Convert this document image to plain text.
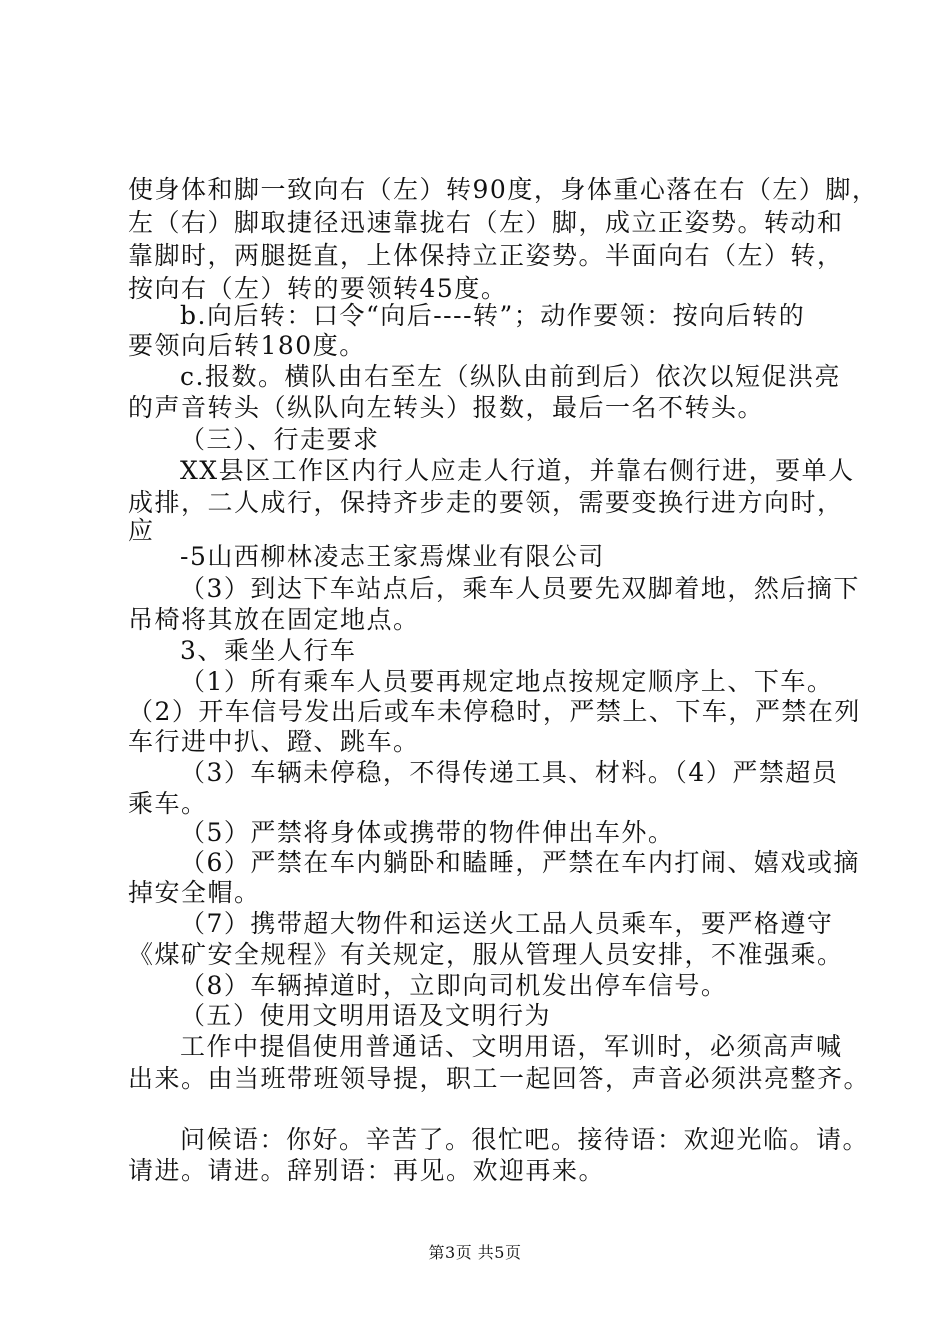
使身体和脚一致向右（左）转90度，身体重心落在右（左）脚，
左（右）脚取捷径迅速靠拢右（左）脚，成立正姿势。转动和
靠脚时，两腿挺直，上体保持立正姿势。半面向右（左）转，
按向右（左）转的要领转45度。
b.向后转：口令“向后----转”；动作要领：按向后转的
要领向后转180度。
c.报数。横队由右至左（纵队由前到后）依次以短促洪亮
的声音转头（纵队向左转头）报数，最后一名不转头。
（三）、行走要求
XX县区工作区内行人应走人行道，并靠右侧行进，要单人
成排，二人成行，保持齐步走的要领，需要变换行进方向时，
应
-5山西柳林凌志王家焉煤业有限公司
（3）到达下车站点后，乘车人员要先双脚着地，然后摘下
吊椅将其放在固定地点。
3、乘坐人行车
（1）所有乘车人员要再规定地点按规定顺序上、下车。
（2）开车信号发出后或车未停稳时，严禁上、下车，严禁在列
车行进中扒、蹬、跳车。
（3）车辆未停稳，不得传递工具、材料。（4）严禁超员
乘车。
（5）严禁将身体或携带的物件伸出车外。
（6）严禁在车内躺卧和瞌睡，严禁在车内打闹、嬉戏或摘
掉安全帽。
（7）携带超大物件和运送火工品人员乘车，要严格遵守
《煤矿安全规程》有关规定，服从管理人员安排，不准强乘。
（8）车辆掉道时，立即向司机发出停车信号。
（五）使用文明用语及文明行为
工作中提倡使用普通话、文明用语，军训时，必须高声喊
出来。由当班带班领导提，职工一起回答，声音必须洪亮整齐。
问候语：你好。辛苦了。很忙吧。接待语：欢迎光临。请。
请进。请进。辞别语：再见。欢迎再来。
第3页 共5页
